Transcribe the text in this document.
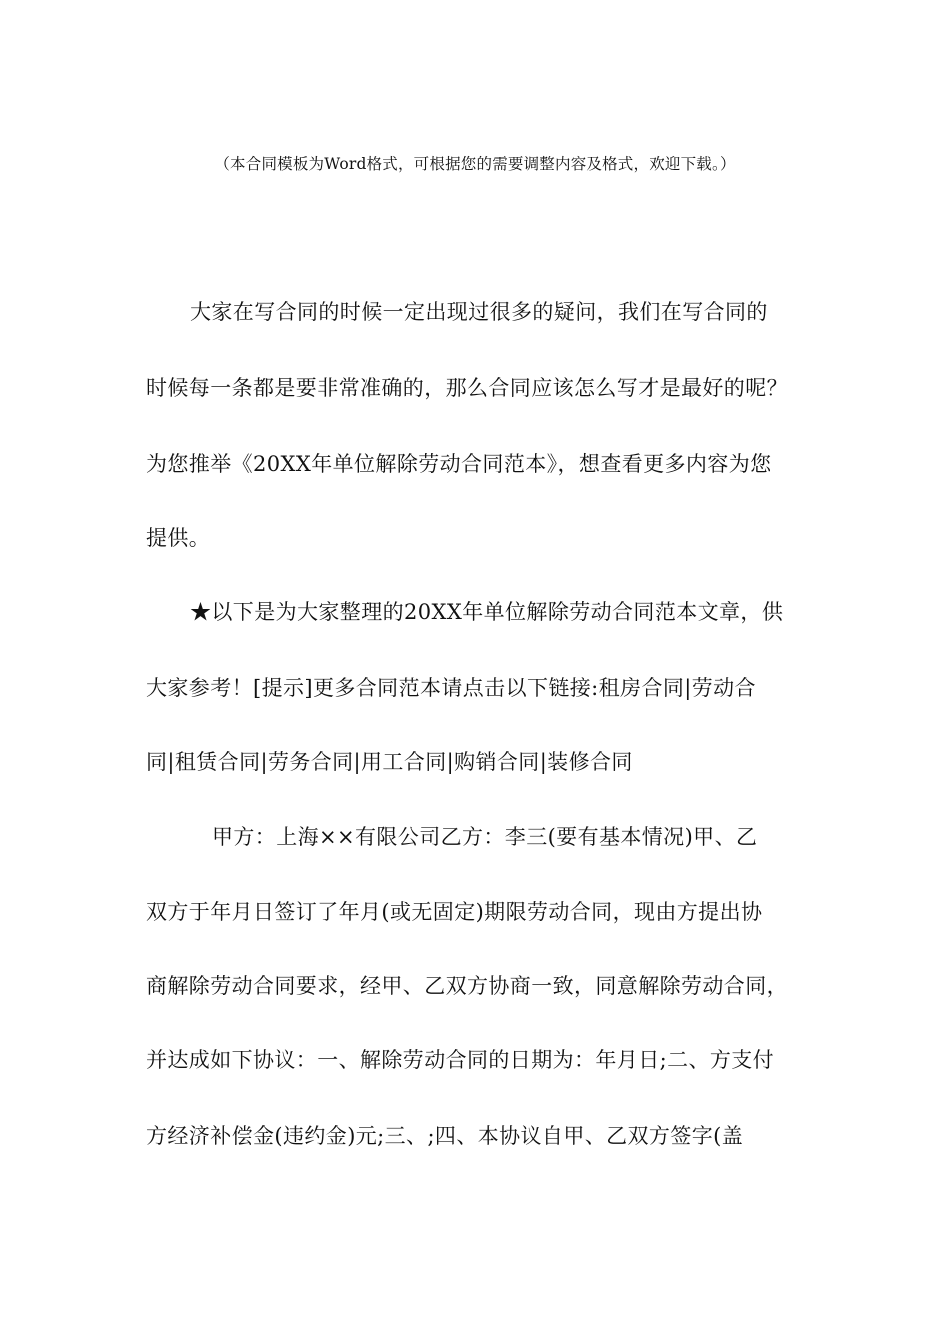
（本合同模板为Word格式，可根据您的需要调整内容及格式，欢迎下载。）
大家在写合同的时候一定出现过很多的疑问，我们在写合同的
时候每一条都是要非常准确的，那么合同应该怎么写才是最好的呢？
为您推举《20XX年单位解除劳动合同范本》，想查看更多内容为您
提供。
★以下是为大家整理的20XX年单位解除劳动合同范本文章，供
大家参考！[提示]更多合同范本请点击以下链接:租房合同|劳动合
同|租赁合同|劳务合同|用工合同|购销合同|装修合同
甲方：上海××有限公司乙方：李三(要有基本情况)甲、乙
双方于年月日签订了年月(或无固定)期限劳动合同，现由方提出协
商解除劳动合同要求，经甲、乙双方协商一致，同意解除劳动合同，
并达成如下协议：一、解除劳动合同的日期为：年月日;二、方支付
方经济补偿金(违约金)元;三、;四、本协议自甲、乙双方签字(盖
